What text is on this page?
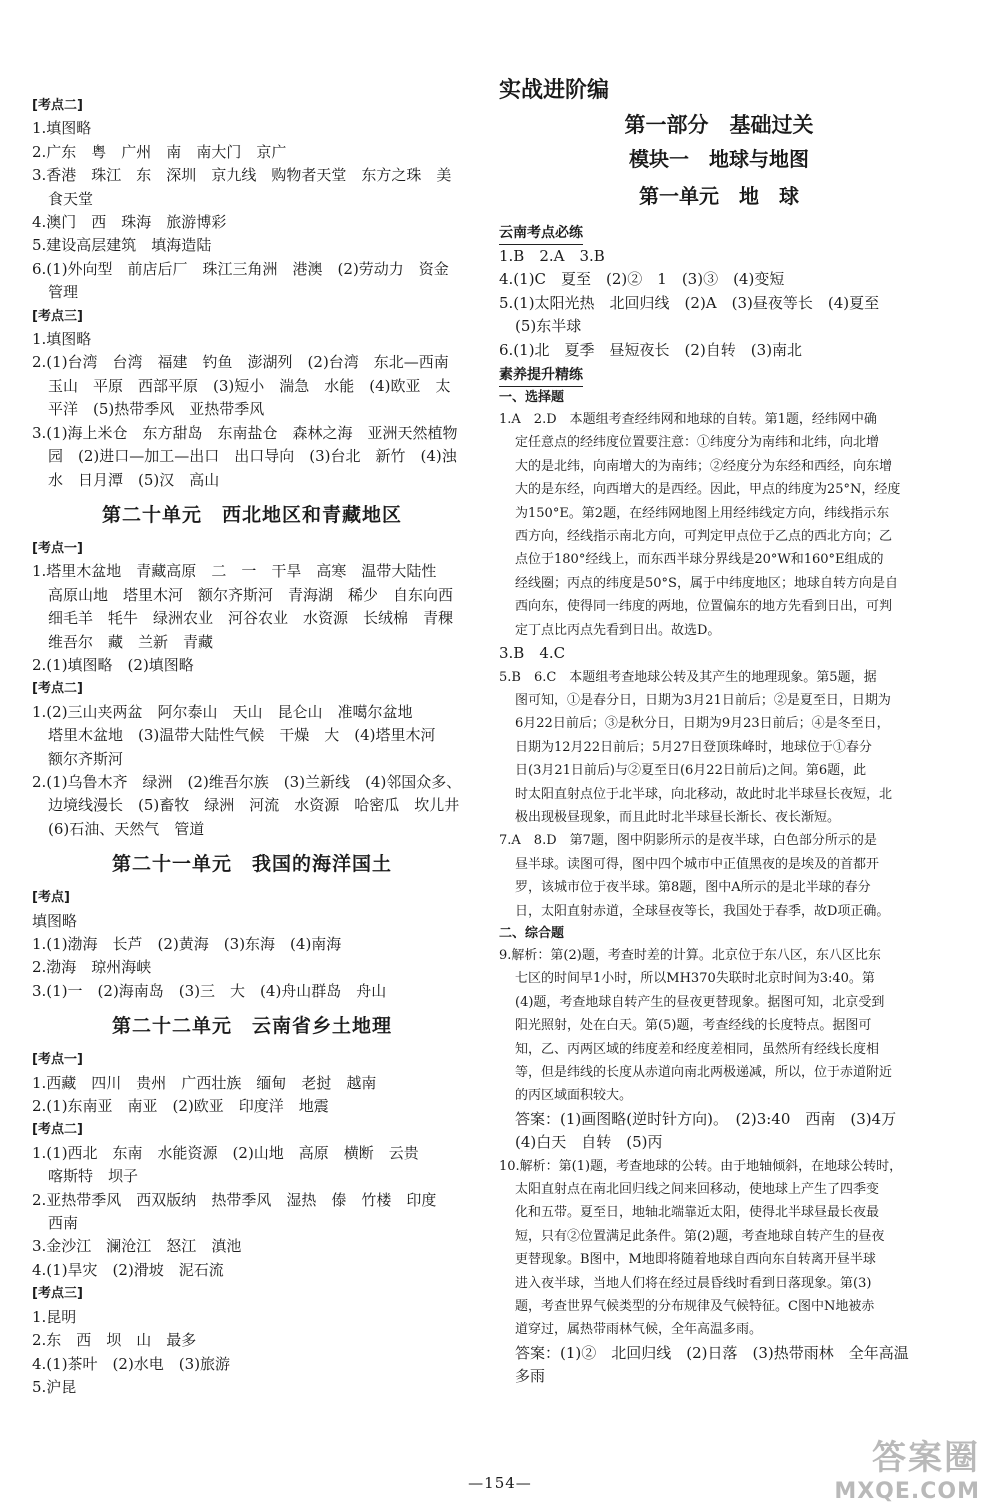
[考点二]
1.填图略
2.广东　粤　广州　南　南大门　京广
3.香港　珠江　东　深圳　京九线　购物者天堂　东方之珠　美
食天堂
4.澳门　西　珠海　旅游博彩
5.建设高层建筑　填海造陆
6.(1)外向型　前店后厂　珠江三角洲　港澳　(2)劳动力　资金
管理
[考点三]
1.填图略
2.(1)台湾　台湾　福建　钓鱼　澎湖列　(2)台湾　东北—西南
玉山　平原　西部平原　(3)短小　湍急　水能　(4)欧亚　太
平洋　(5)热带季风　亚热带季风
3.(1)海上米仓　东方甜岛　东南盐仓　森林之海　亚洲天然植物
园　(2)进口—加工—出口　出口导向　(3)台北　新竹　(4)浊
水　日月潭　(5)汉　高山
第二十单元　西北地区和青藏地区
[考点一]
1.塔里木盆地　青藏高原　二　一　干旱　高寒　温带大陆性
高原山地　塔里木河　额尔齐斯河　青海湖　稀少　自东向西
细毛羊　牦牛　绿洲农业　河谷农业　水资源　长绒棉　青稞
维吾尔　藏　兰新　青藏
2.(1)填图略　(2)填图略
[考点二]
1.(2)三山夹两盆　阿尔泰山　天山　昆仑山　准噶尔盆地
塔里木盆地　(3)温带大陆性气候　干燥　大　(4)塔里木河
额尔齐斯河
2.(1)乌鲁木齐　绿洲　(2)维吾尔族　(3)兰新线　(4)邻国众多、
边境线漫长　(5)畜牧　绿洲　河流　水资源　哈密瓜　坎儿井
(6)石油、天然气　管道
第二十一单元　我国的海洋国土
[考点]
填图略
1.(1)渤海　长芦　(2)黄海　(3)东海　(4)南海
2.渤海　琼州海峡
3.(1)一　(2)海南岛　(3)三　大　(4)舟山群岛　舟山
第二十二单元　云南省乡土地理
[考点一]
1.西藏　四川　贵州　广西壮族　缅甸　老挝　越南
2.(1)东南亚　南亚　(2)欧亚　印度洋　地震
[考点二]
1.(1)西北　东南　水能资源　(2)山地　高原　横断　云贵
喀斯特　坝子
2.亚热带季风　西双版纳　热带季风　湿热　傣　竹楼　印度
西南
3.金沙江　澜沧江　怒江　滇池
4.(1)旱灾　(2)滑坡　泥石流
[考点三]
1.昆明
2.东　西　坝　山　最多
4.(1)茶叶　(2)水电　(3)旅游
5.沪昆
实战进阶编
第一部分　基础过关
模块一　地球与地图
第一单元　地　球
云南考点必练
1.B　2.A　3.B
4.(1)C　夏至　(2)②　1　(3)③　(4)变短
5.(1)太阳光热　北回归线　(2)A　(3)昼夜等长　(4)夏至
(5)东半球
6.(1)北　夏季　昼短夜长　(2)自转　(3)南北
素养提升精练
一、选择题
1.A　2.D　本题组考查经纬网和地球的自转。第1题，经纬网中确
定任意点的经纬度位置要注意：①纬度分为南纬和北纬，向北增
大的是北纬，向南增大的为南纬；②经度分为东经和西经，向东增
大的是东经，向西增大的是西经。因此，甲点的纬度为25°N，经度
为150°E。第2题，在经纬网地图上用经纬线定方向，纬线指示东
西方向，经线指示南北方向，可判定甲点位于乙点的西北方向；乙
点位于180°经线上，而东西半球分界线是20°W和160°E组成的
经线圈；丙点的纬度是50°S，属于中纬度地区；地球自转方向是自
西向东，使得同一纬度的两地，位置偏东的地方先看到日出，可判
定丁点比丙点先看到日出。故选D。
3.B　4.C
5.B　6.C　本题组考查地球公转及其产生的地理现象。第5题，据
图可知，①是春分日，日期为3月21日前后；②是夏至日，日期为
6月22日前后；③是秋分日，日期为9月23日前后；④是冬至日，
日期为12月22日前后；5月27日登顶珠峰时，地球位于①春分
日(3月21日前后)与②夏至日(6月22日前后)之间。第6题，此
时太阳直射点位于北半球，向北移动，故此时北半球昼长夜短，北
极出现极昼现象，而且此时北半球昼长渐长、夜长渐短。
7.A　8.D　第7题，图中阴影所示的是夜半球，白色部分所示的是
昼半球。读图可得，图中四个城市中正值黑夜的是埃及的首都开
罗，该城市位于夜半球。第8题，图中A所示的是北半球的春分
日，太阳直射赤道，全球昼夜等长，我国处于春季，故D项正确。
二、综合题
9.解析：第(2)题，考查时差的计算。北京位于东八区，东八区比东
七区的时间早1小时，所以MH370失联时北京时间为3:40。第
(4)题，考查地球自转产生的昼夜更替现象。据图可知，北京受到
阳光照射，处在白天。第(5)题，考查经线的长度特点。据图可
知，乙、丙两区域的纬度差和经度差相同，虽然所有经线长度相
等，但是纬线的长度从赤道向南北两极递减，所以，位于赤道附近
的丙区域面积较大。
答案：(1)画图略(逆时针方向)。　(2)3:40　西南　(3)4万
(4)白天　自转　(5)丙
10.解析：第(1)题，考查地球的公转。由于地轴倾斜，在地球公转时，
太阳直射点在南北回归线之间来回移动，使地球上产生了四季变
化和五带。夏至日，地轴北端靠近太阳，使得北半球昼最长夜最
短，只有②位置满足此条件。第(2)题，考查地球自转产生的昼夜
更替现象。B图中，M地即将随着地球自西向东自转离开昼半球
进入夜半球，当地人们将在经过晨昏线时看到日落现象。第(3)
题，考查世界气候类型的分布规律及气候特征。C图中N地被赤
道穿过，属热带雨林气候，全年高温多雨。
答案：(1)②　北回归线　(2)日落　(3)热带雨林　全年高温
多雨
—154—
答案圈
MXQE.COM
